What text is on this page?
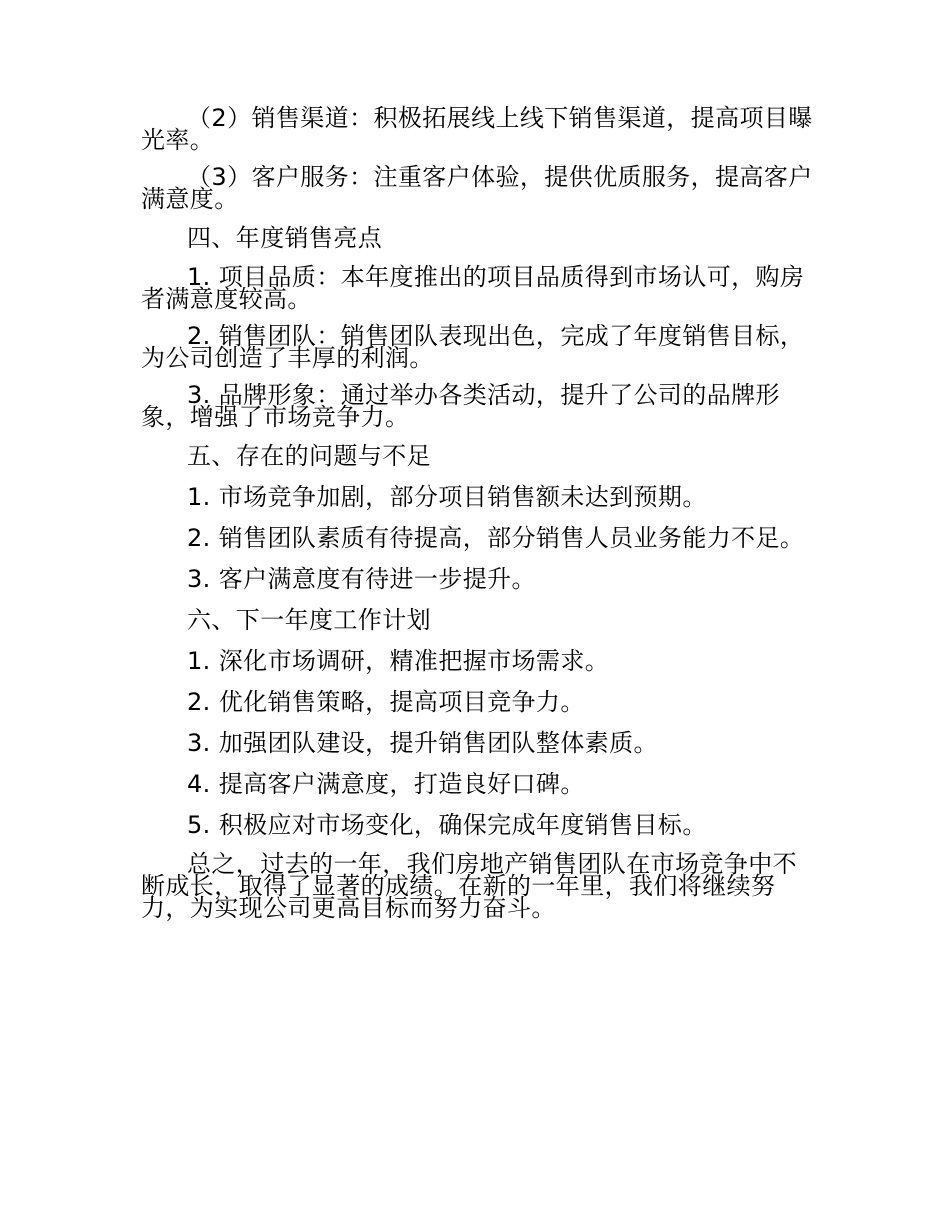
（2）销售渠道：积极拓展线上线下销售渠道，提高项目曝光率。

（3）客户服务：注重客户体验，提供优质服务，提高客户满意度。

四、年度销售亮点

1. 项目品质：本年度推出的项目品质得到市场认可，购房者满意度较高。

2. 销售团队：销售团队表现出色，完成了年度销售目标，为公司创造了丰厚的利润。

3. 品牌形象：通过举办各类活动，提升了公司的品牌形象，增强了市场竞争力。

五、存在的问题与不足

1. 市场竞争加剧，部分项目销售额未达到预期。

2. 销售团队素质有待提高，部分销售人员业务能力不足。

3. 客户满意度有待进一步提升。

六、下一年度工作计划

1. 深化市场调研，精准把握市场需求。

2. 优化销售策略，提高项目竞争力。

3. 加强团队建设，提升销售团队整体素质。

4. 提高客户满意度，打造良好口碑。

5. 积极应对市场变化，确保完成年度销售目标。

总之，过去的一年，我们房地产销售团队在市场竞争中不断成长，取得了显著的成绩。在新的一年里，我们将继续努力，为实现公司更高目标而努力奋斗。
